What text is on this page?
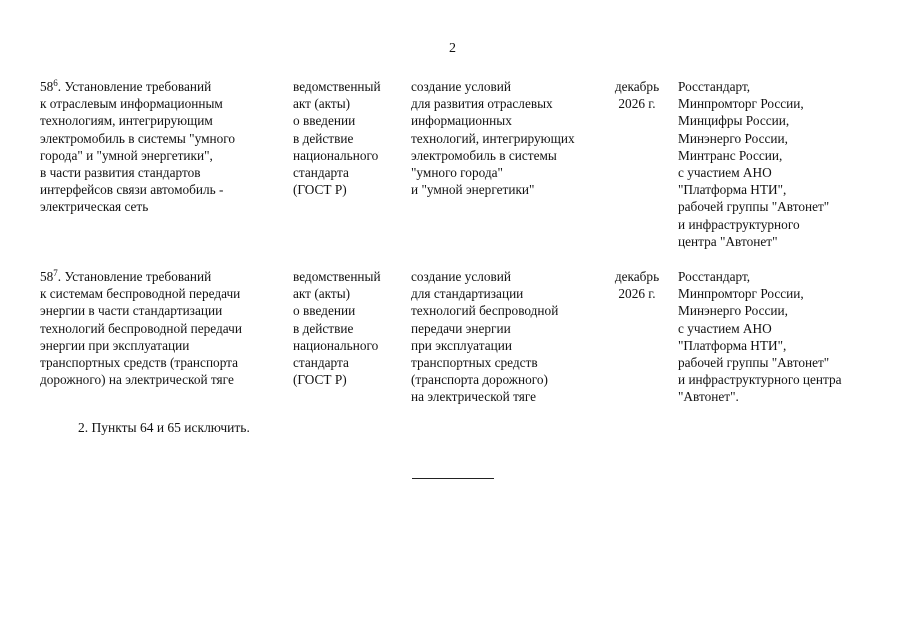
2
$58^6$. Установление требований
к отраслевым информационным
технологиям, интегрирующим
электромобиль в системы "умного
города" и "умной энергетики",
в части развития стандартов
интерфейсов связи автомобиль -
электрическая сеть
ведомственный
акт (акты)
о введении
в действие
национального
стандарта
(ГОСТ Р)
создание условий
для развития отраслевых
информационных
технологий, интегрирующих
электромобиль в системы
"умного города"
и "умной энергетики"
декабрь
2026 г.
Росстандарт,
Минпромторг России,
Минцифры России,
Минэнерго России,
Минтранс России,
с участием АНО
"Платформа НТИ",
рабочей группы "Автонет"
и инфраструктурного
центра "Автонет"
$58^7$. Установление требований
к системам беспроводной передачи
энергии в части стандартизации
технологий беспроводной передачи
энергии при эксплуатации
транспортных средств (транспорта
дорожного) на электрической тяге
ведомственный
акт (акты)
о введении
в действие
национального
стандарта
(ГОСТ Р)
создание условий
для стандартизации
технологий беспроводной
передачи энергии
при эксплуатации
транспортных средств
(транспорта дорожного)
на электрической тяге
декабрь
2026 г.
Росстандарт,
Минпромторг России,
Минэнерго России,
с участием АНО
"Платформа НТИ",
рабочей группы "Автонет"
и инфраструктурного центра
"Автонет".
2. Пункты 64 и 65 исключить.
